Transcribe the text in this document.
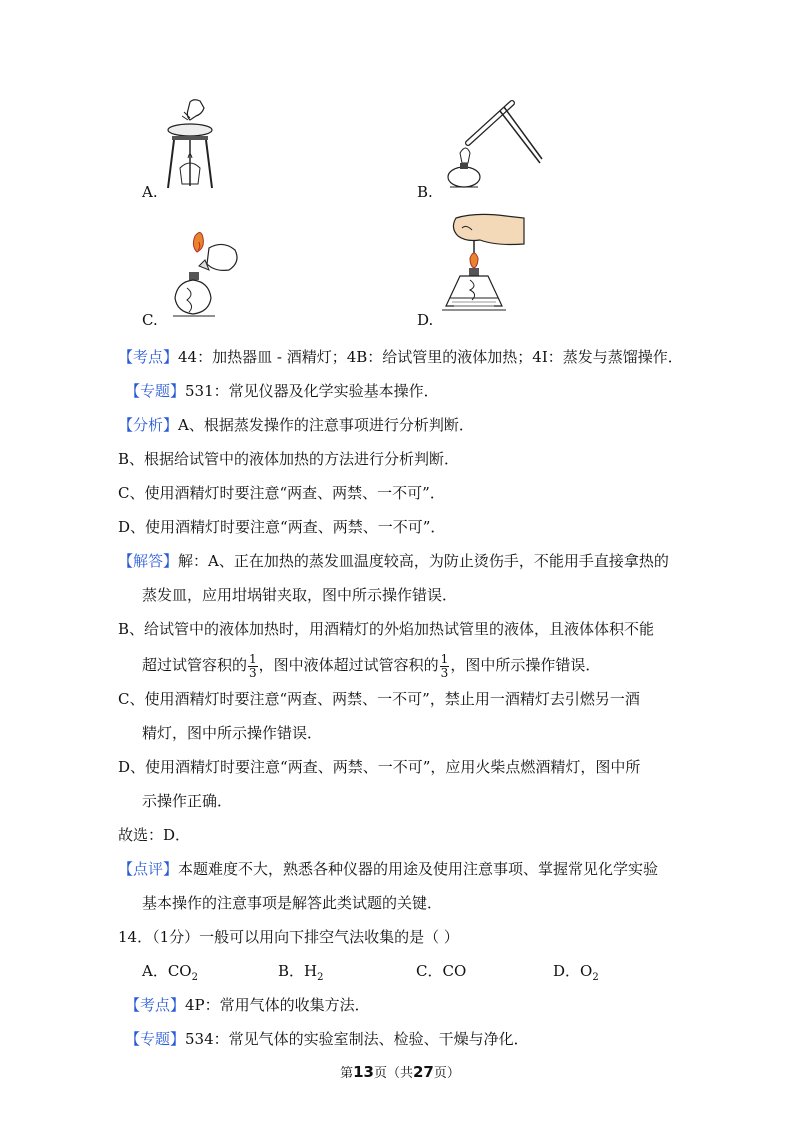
A.	B.
C.	D.
【考点】44：加热器皿 - 酒精灯；4B：给试管里的液体加热；4I：蒸发与蒸馏操作．
【专题】531：常见仪器及化学实验基本操作．
【分析】A、根据蒸发操作的注意事项进行分析判断．
B、根据给试管中的液体加热的方法进行分析判断．
C、使用酒精灯时要注意“两查、两禁、一不可”．
D、使用酒精灯时要注意“两查、两禁、一不可”．
【解答】解：A、正在加热的蒸发皿温度较高，为防止烫伤手，不能用手直接拿热的
蒸发皿，应用坩埚钳夹取，图中所示操作错误．
B、给试管中的液体加热时，用酒精灯的外焰加热试管里的液体，且液体体积不能
超过试管容积的 $\frac{1}{3}$ ，图中液体超过试管容积的 $\frac{1}{3}$ ，图中所示操作错误．
C、使用酒精灯时要注意“两查、两禁、一不可”，禁止用一酒精灯去引燃另一酒
精灯，图中所示操作错误．
D、使用酒精灯时要注意“两查、两禁、一不可”，应用火柴点燃酒精灯，图中所
示操作正确．
故选：D．
【点评】本题难度不大，熟悉各种仪器的用途及使用注意事项、掌握常见化学实验
基本操作的注意事项是解答此类试题的关键．
14．（1分）一般可以用向下排空气法收集的是（ ）
A．$CO_2$	B．$H_2$	C．CO	D．$O_2$
【考点】4P：常用气体的收集方法．
【专题】534：常见气体的实验室制法、检验、干燥与净化．
第13页（共27页）
